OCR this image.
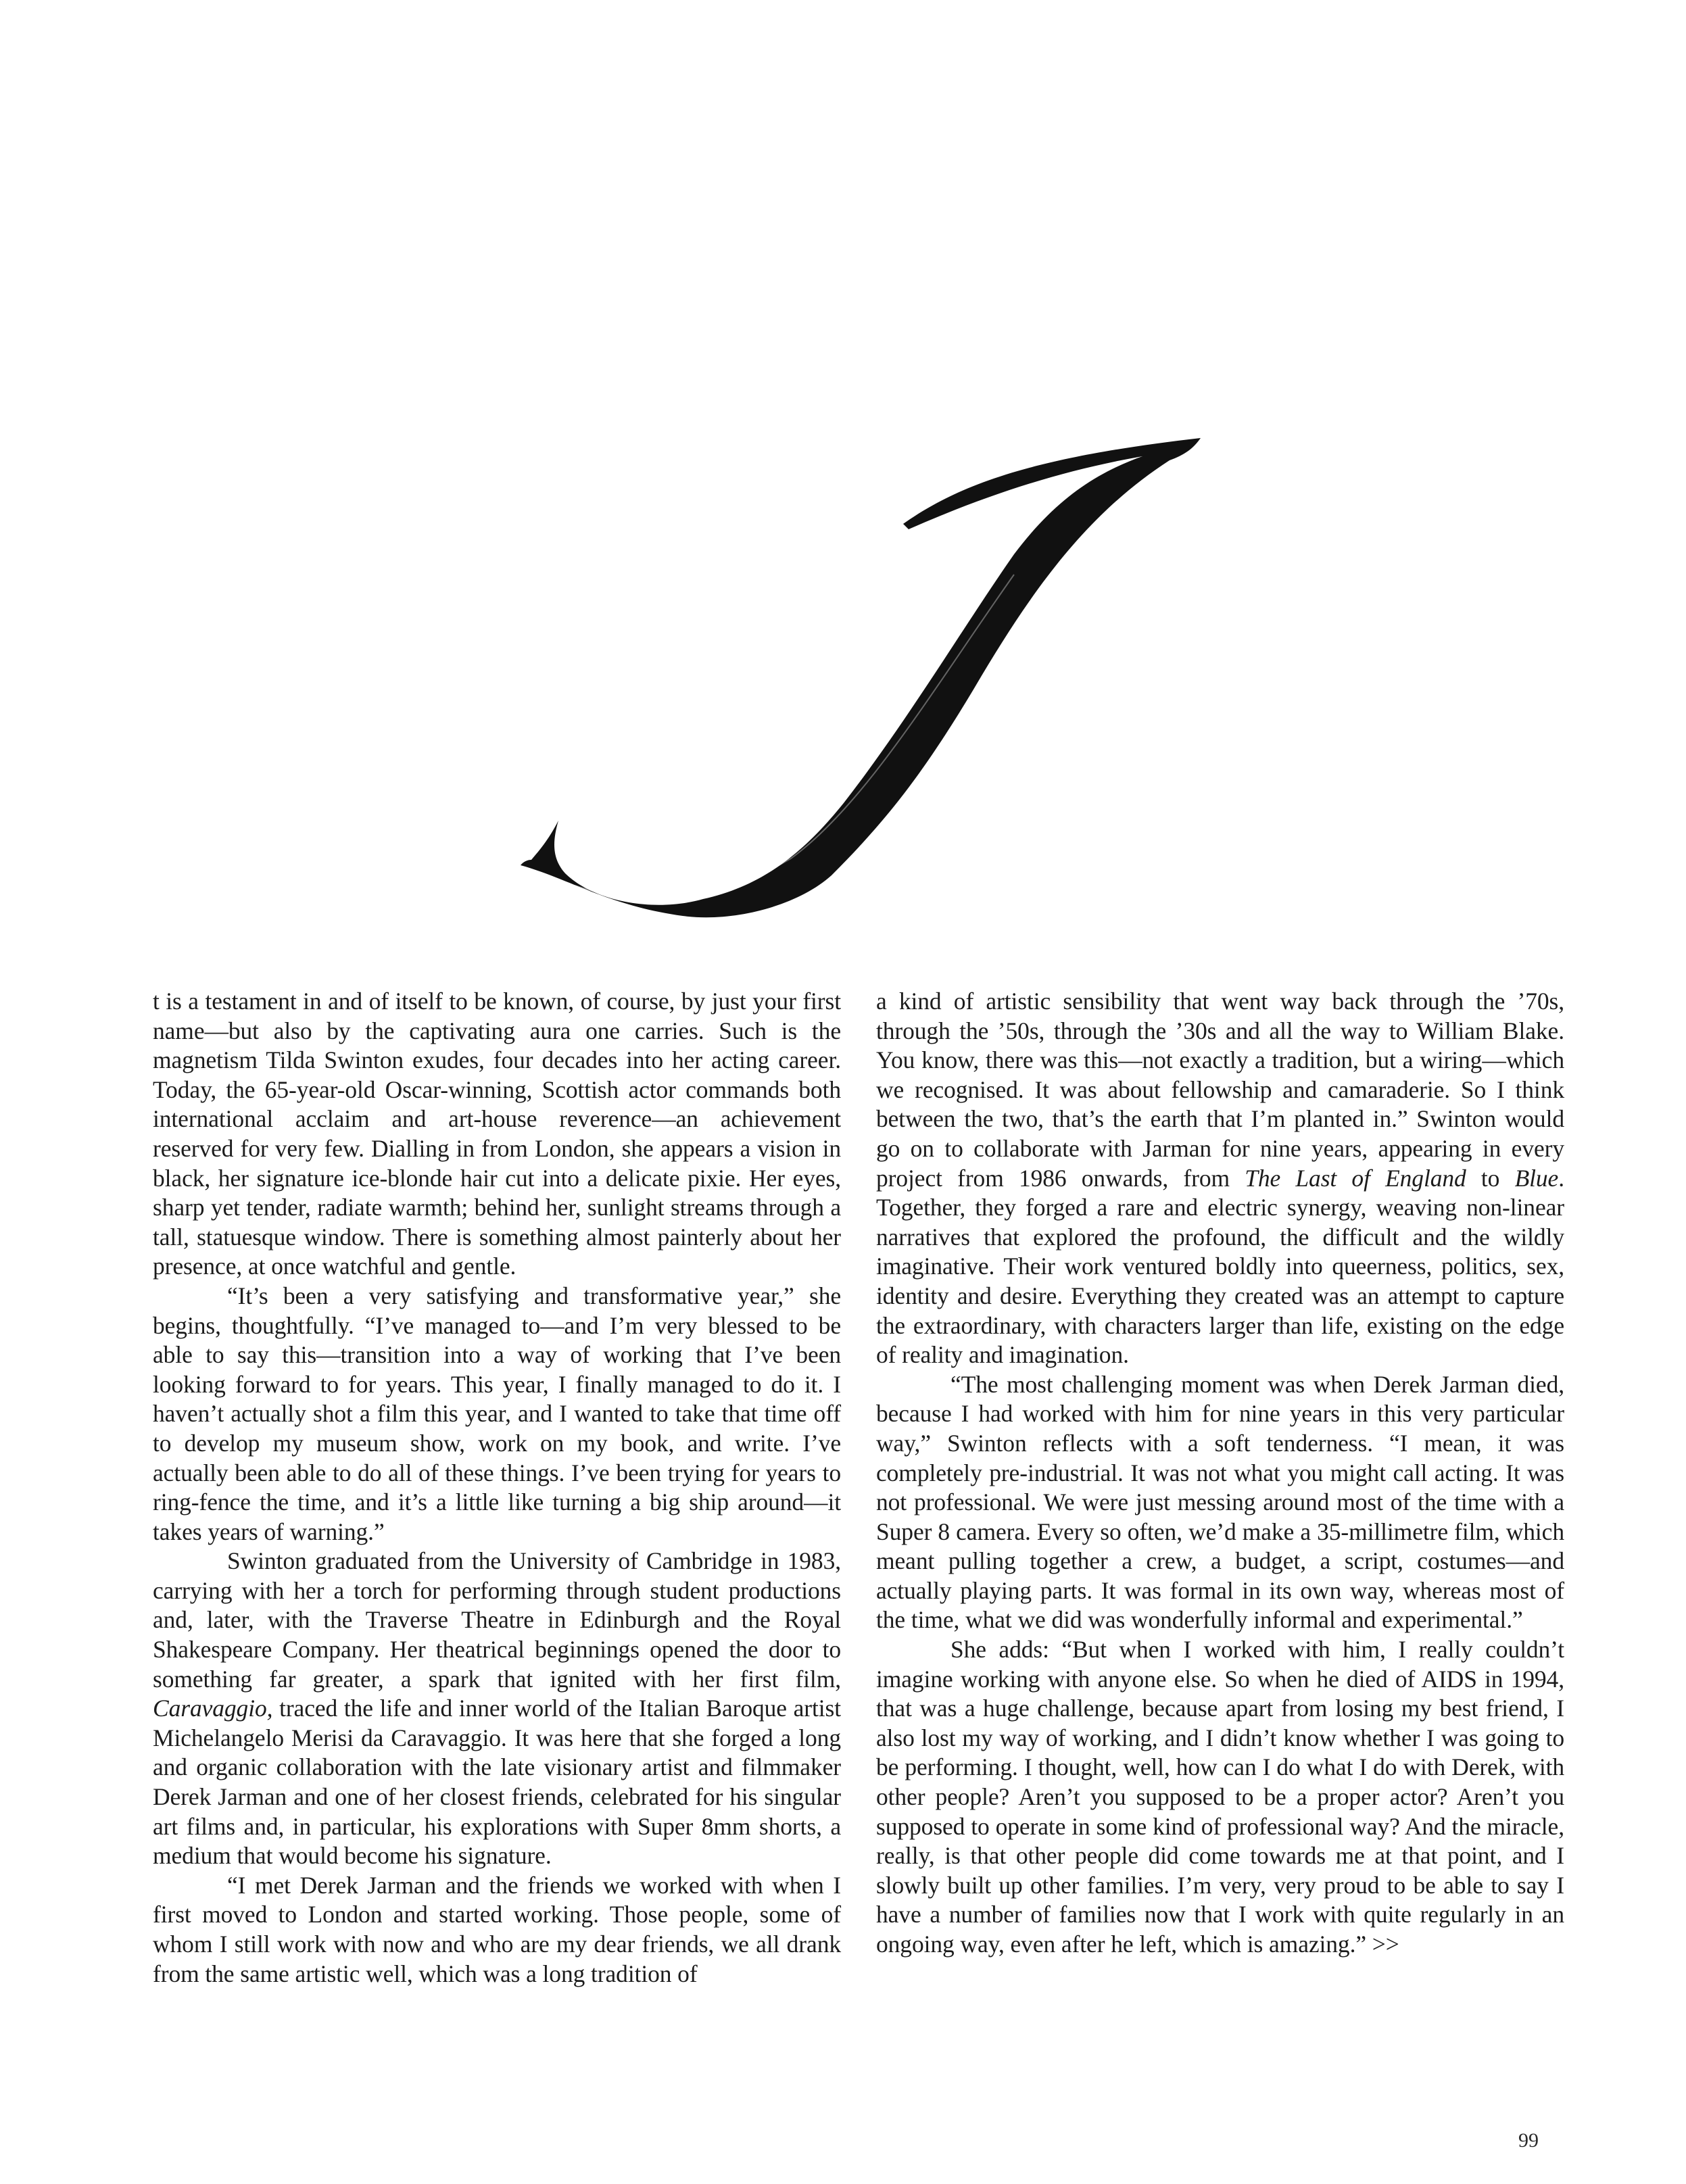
t is a testament in and of itself to be known, of course, by just your first name—but also by the captivating aura one carries. Such is the magnetism Tilda Swinton exudes, four decades into her acting career. Today, the 65-year-old Oscar-winning, Scottish actor commands both international acclaim and art-house reverence—an achievement reserved for very few. Dialling in from London, she appears a vision in black, her signature ice-blonde hair cut into a delicate pixie. Her eyes, sharp yet tender, radiate warmth; behind her, sunlight streams through a tall, statuesque window. There is something almost painterly about her presence, at once watchful and gentle.

“It’s been a very satisfying and transformative year,” she begins, thoughtfully. “I’ve managed to—and I’m very blessed to be able to say this—transition into a way of working that I’ve been looking forward to for years. This year, I finally managed to do it. I haven’t actually shot a film this year, and I wanted to take that time off to develop my museum show, work on my book, and write. I’ve actually been able to do all of these things. I’ve been trying for years to ring-fence the time, and it’s a little like turning a big ship around—it takes years of warning.”

Swinton graduated from the University of Cambridge in 1983, carrying with her a torch for performing through student productions and, later, with the Traverse Theatre in Edinburgh and the Royal Shakespeare Company. Her theatrical beginnings opened the door to something far greater, a spark that ignited with her first film, Caravaggio, traced the life and inner world of the Italian Baroque artist Michelangelo Merisi da Caravaggio. It was here that she forged a long and organic collaboration with the late visionary artist and filmmaker Derek Jarman and one of her closest friends, celebrated for his singular art films and, in particular, his explorations with Super 8mm shorts, a medium that would become his signature.

“I met Derek Jarman and the friends we worked with when I first moved to London and started working. Those people, some of whom I still work with now and who are my dear friends, we all drank from the same artistic well, which was a long tradition of

a kind of artistic sensibility that went way back through the ’70s, through the ’50s, through the ’30s and all the way to William Blake. You know, there was this—not exactly a tradition, but a wiring—which we recognised. It was about fellowship and camaraderie. So I think between the two, that’s the earth that I’m planted in.” Swinton would go on to collaborate with Jarman for nine years, appearing in every project from 1986 onwards, from The Last of England to Blue. Together, they forged a rare and electric synergy, weaving non-linear narratives that explored the profound, the difficult and the wildly imaginative. Their work ventured boldly into queerness, politics, sex, identity and desire. Everything they created was an attempt to capture the extraordinary, with characters larger than life, existing on the edge of reality and imagination.

“The most challenging moment was when Derek Jarman died, because I had worked with him for nine years in this very particular way,” Swinton reflects with a soft tenderness. “I mean, it was completely pre-industrial. It was not what you might call acting. It was not professional. We were just messing around most of the time with a Super 8 camera. Every so often, we’d make a 35-millimetre film, which meant pulling together a crew, a budget, a script, costumes—and actually playing parts. It was formal in its own way, whereas most of the time, what we did was wonderfully informal and experimental.”

She adds: “But when I worked with him, I really couldn’t imagine working with anyone else. So when he died of AIDS in 1994, that was a huge challenge, because apart from losing my best friend, I also lost my way of working, and I didn’t know whether I was going to be performing. I thought, well, how can I do what I do with Derek, with other people? Aren’t you supposed to be a proper actor? Aren’t you supposed to operate in some kind of professional way? And the miracle, really, is that other people did come towards me at that point, and I slowly built up other families. I’m very, very proud to be able to say I have a number of families now that I work with quite regularly in an ongoing way, even after he left, which is amazing.” >>

99
